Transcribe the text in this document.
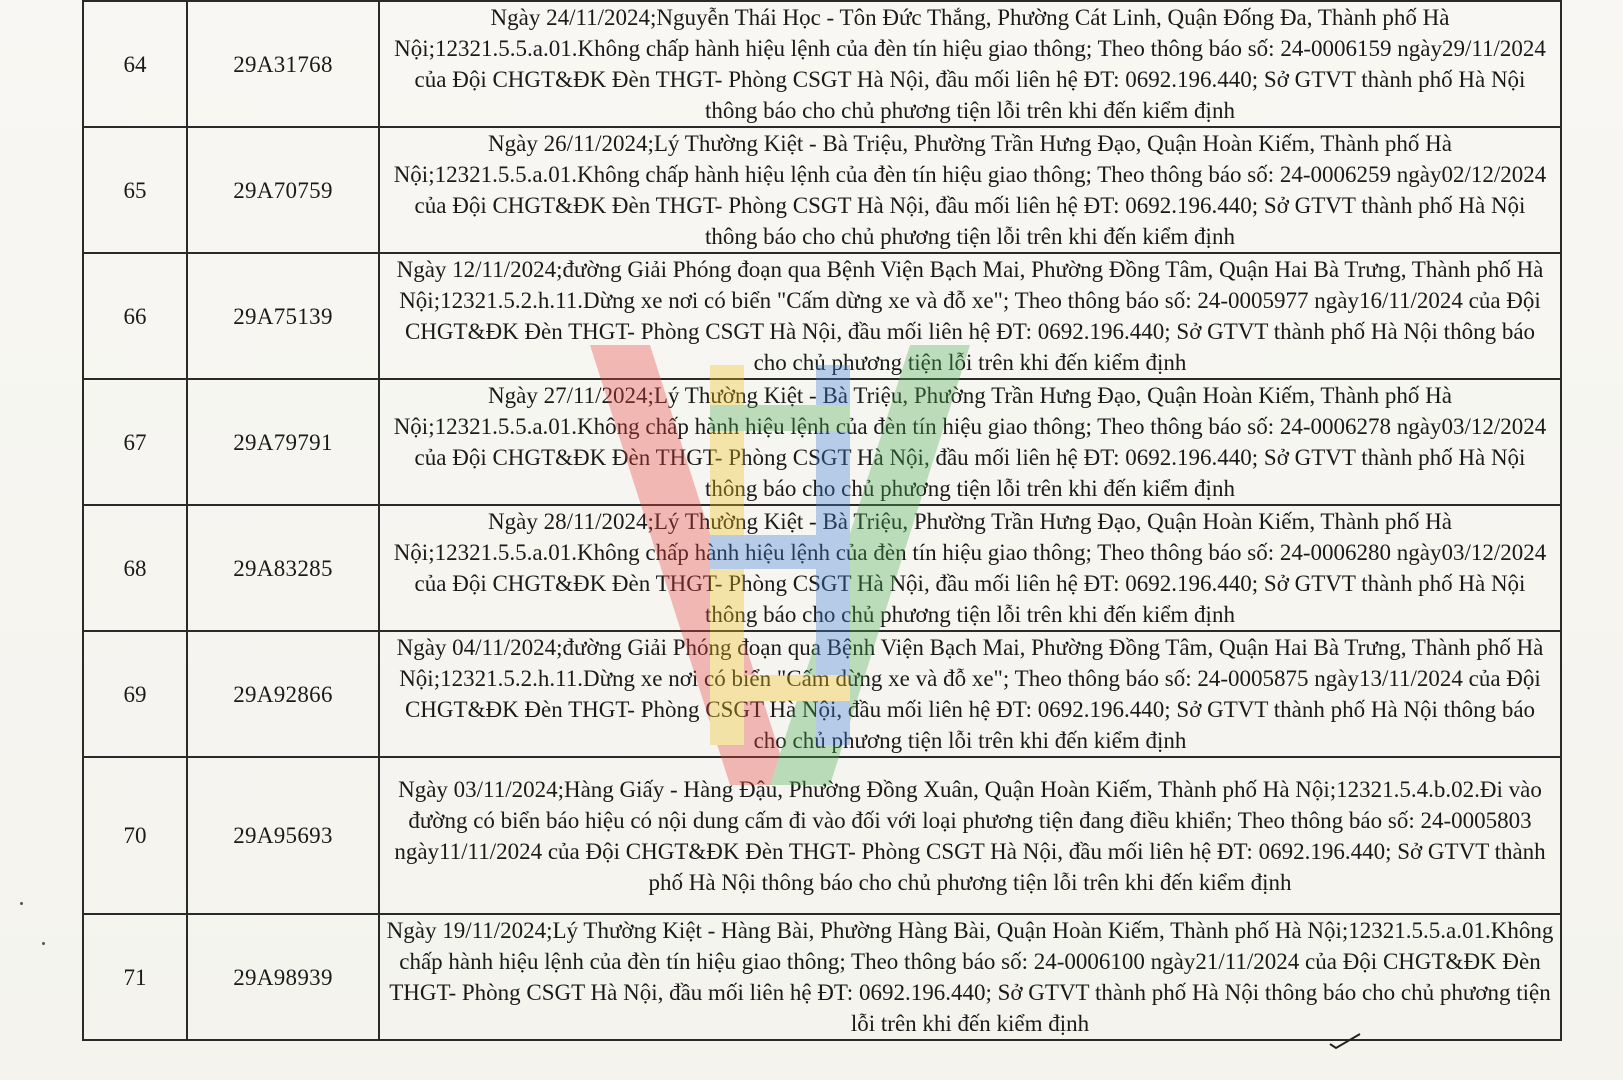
64	29A31768	Ngày 24/11/2024;Nguyễn Thái Học - Tôn Đức Thắng, Phường Cát Linh, Quận Đống Đa, Thành phố Hà Nội;12321.5.5.a.01.Không chấp hành hiệu lệnh của đèn tín hiệu giao thông; Theo thông báo số: 24-0006159 ngày29/11/2024 của Đội CHGT&ĐK Đèn THGT- Phòng CSGT Hà Nội, đầu mối liên hệ ĐT: 0692.196.440; Sở GTVT thành phố Hà Nội thông báo cho chủ phương tiện lỗi trên khi đến kiểm định
65	29A70759	Ngày 26/11/2024;Lý Thường Kiệt - Bà Triệu, Phường Trần Hưng Đạo, Quận Hoàn Kiếm, Thành phố Hà Nội;12321.5.5.a.01.Không chấp hành hiệu lệnh của đèn tín hiệu giao thông; Theo thông báo số: 24-0006259 ngày02/12/2024 của Đội CHGT&ĐK Đèn THGT- Phòng CSGT Hà Nội, đầu mối liên hệ ĐT: 0692.196.440; Sở GTVT thành phố Hà Nội thông báo cho chủ phương tiện lỗi trên khi đến kiểm định
66	29A75139	Ngày 12/11/2024;đường Giải Phóng đoạn qua Bệnh Viện Bạch Mai, Phường Đồng Tâm, Quận Hai Bà Trưng, Thành phố Hà Nội;12321.5.2.h.11.Dừng xe nơi có biển "Cấm dừng xe và đỗ xe"; Theo thông báo số: 24-0005977 ngày16/11/2024 của Đội CHGT&ĐK Đèn THGT- Phòng CSGT Hà Nội, đầu mối liên hệ ĐT: 0692.196.440; Sở GTVT thành phố Hà Nội thông báo cho chủ phương tiện lỗi trên khi đến kiểm định
67	29A79791	Ngày 27/11/2024;Lý Thường Kiệt - Bà Triệu, Phường Trần Hưng Đạo, Quận Hoàn Kiếm, Thành phố Hà Nội;12321.5.5.a.01.Không chấp hành hiệu lệnh của đèn tín hiệu giao thông; Theo thông báo số: 24-0006278 ngày03/12/2024 của Đội CHGT&ĐK Đèn THGT- Phòng CSGT Hà Nội, đầu mối liên hệ ĐT: 0692.196.440; Sở GTVT thành phố Hà Nội thông báo cho chủ phương tiện lỗi trên khi đến kiểm định
68	29A83285	Ngày 28/11/2024;Lý Thường Kiệt - Bà Triệu, Phường Trần Hưng Đạo, Quận Hoàn Kiếm, Thành phố Hà Nội;12321.5.5.a.01.Không chấp hành hiệu lệnh của đèn tín hiệu giao thông; Theo thông báo số: 24-0006280 ngày03/12/2024 của Đội CHGT&ĐK Đèn THGT- Phòng CSGT Hà Nội, đầu mối liên hệ ĐT: 0692.196.440; Sở GTVT thành phố Hà Nội thông báo cho chủ phương tiện lỗi trên khi đến kiểm định
69	29A92866	Ngày 04/11/2024;đường Giải Phóng đoạn qua Bệnh Viện Bạch Mai, Phường Đồng Tâm, Quận Hai Bà Trưng, Thành phố Hà Nội;12321.5.2.h.11.Dừng xe nơi có biển "Cấm dừng xe và đỗ xe"; Theo thông báo số: 24-0005875 ngày13/11/2024 của Đội CHGT&ĐK Đèn THGT- Phòng CSGT Hà Nội, đầu mối liên hệ ĐT: 0692.196.440; Sở GTVT thành phố Hà Nội thông báo cho chủ phương tiện lỗi trên khi đến kiểm định
70	29A95693	Ngày 03/11/2024;Hàng Giấy - Hàng Đậu, Phường Đồng Xuân, Quận Hoàn Kiếm, Thành phố Hà Nội;12321.5.4.b.02.Đi vào đường có biển báo hiệu có nội dung cấm đi vào đối với loại phương tiện đang điều khiển; Theo thông báo số: 24-0005803 ngày11/11/2024 của Đội CHGT&ĐK Đèn THGT- Phòng CSGT Hà Nội, đầu mối liên hệ ĐT: 0692.196.440; Sở GTVT thành phố Hà Nội thông báo cho chủ phương tiện lỗi trên khi đến kiểm định
71	29A98939	Ngày 19/11/2024;Lý Thường Kiệt - Hàng Bài, Phường Hàng Bài, Quận Hoàn Kiếm, Thành phố Hà Nội;12321.5.5.a.01.Không chấp hành hiệu lệnh của đèn tín hiệu giao thông; Theo thông báo số: 24-0006100 ngày21/11/2024 của Đội CHGT&ĐK Đèn THGT- Phòng CSGT Hà Nội, đầu mối liên hệ ĐT: 0692.196.440; Sở GTVT thành phố Hà Nội thông báo cho chủ phương tiện lỗi trên khi đến kiểm định
